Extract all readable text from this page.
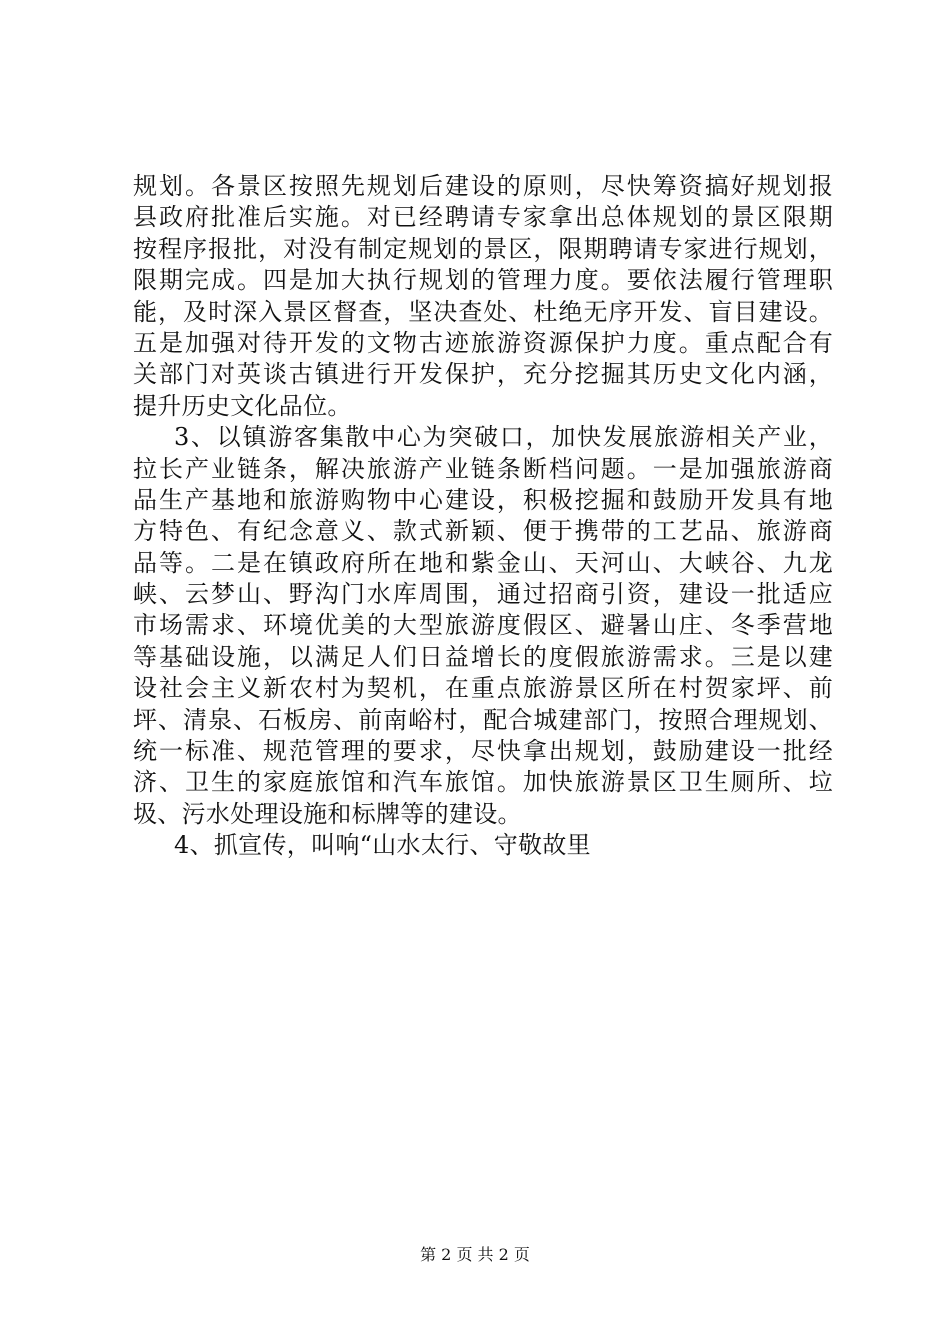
规划。各景区按照先规划后建设的原则，尽快筹资搞好规划报
县政府批准后实施。对已经聘请专家拿出总体规划的景区限期
按程序报批，对没有制定规划的景区，限期聘请专家进行规划，
限期完成。四是加大执行规划的管理力度。要依法履行管理职
能，及时深入景区督查，坚决查处、杜绝无序开发、盲目建设。
五是加强对待开发的文物古迹旅游资源保护力度。重点配合有
关部门对英谈古镇进行开发保护，充分挖掘其历史文化内涵，
提升历史文化品位。
3、以镇游客集散中心为突破口，加快发展旅游相关产业，
拉长产业链条，解决旅游产业链条断档问题。一是加强旅游商
品生产基地和旅游购物中心建设，积极挖掘和鼓励开发具有地
方特色、有纪念意义、款式新颖、便于携带的工艺品、旅游商
品等。二是在镇政府所在地和紫金山、天河山、大峡谷、九龙
峡、云梦山、野沟门水库周围，通过招商引资，建设一批适应
市场需求、环境优美的大型旅游度假区、避暑山庄、冬季营地
等基础设施，以满足人们日益增长的度假旅游需求。三是以建
设社会主义新农村为契机，在重点旅游景区所在村贺家坪、前
坪、清泉、石板房、前南峪村，配合城建部门，按照合理规划、
统一标准、规范管理的要求，尽快拿出规划，鼓励建设一批经
济、卫生的家庭旅馆和汽车旅馆。加快旅游景区卫生厕所、垃
圾、污水处理设施和标牌等的建设。
4、抓宣传，叫响“山水太行、守敬故里
第 2 页 共 2 页
